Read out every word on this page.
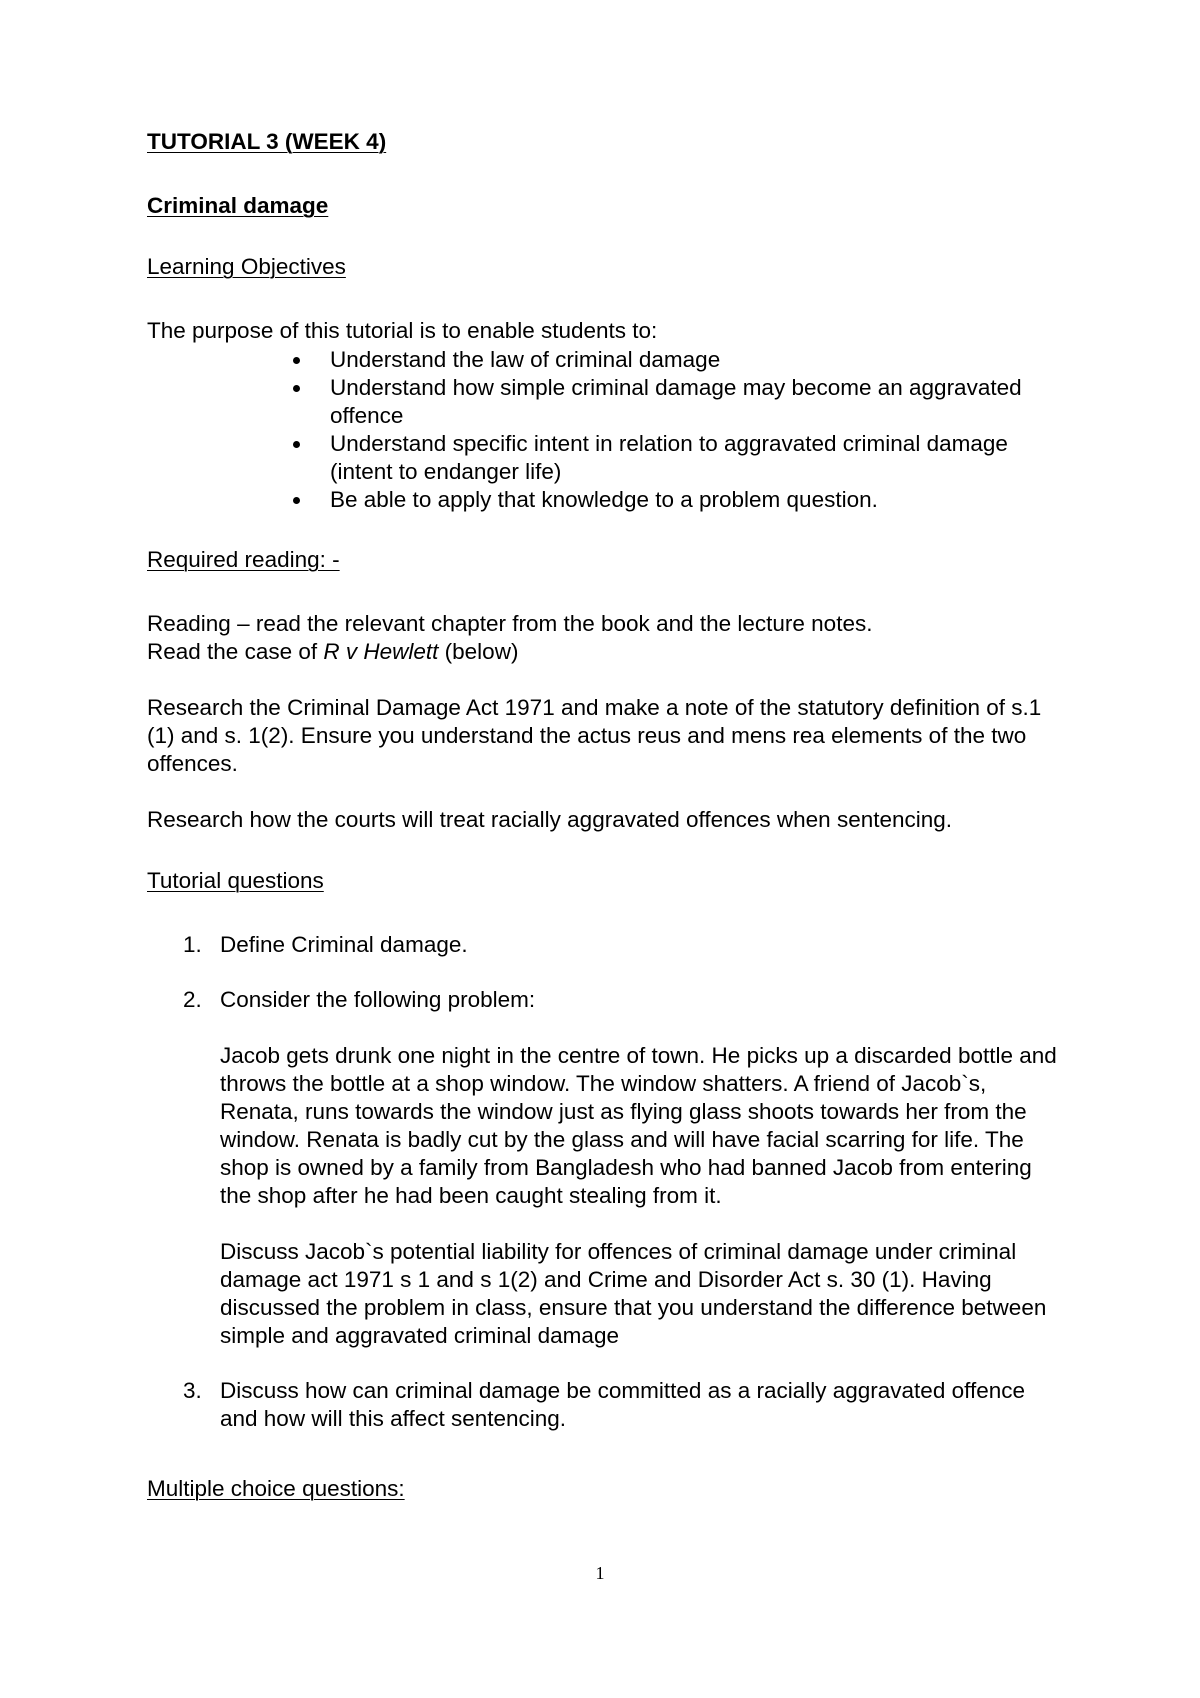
TUTORIAL 3 (WEEK 4)

Criminal damage

Learning Objectives

The purpose of this tutorial is to enable students to:

Understand the law of criminal damage
Understand how simple criminal damage may become an aggravated offence
Understand specific intent in relation to aggravated criminal damage (intent to endanger life)
Be able to apply that knowledge to a problem question.

Required reading: -

Reading – read the relevant chapter from the book and the lecture notes.

Read the case of R v Hewlett (below)

Research the Criminal Damage Act 1971 and make a note of the statutory definition of s.1 (1) and s. 1(2). Ensure you understand the actus reus and mens rea elements of the two offences.

Research how the courts will treat racially aggravated offences when sentencing.

Tutorial questions

1. Define Criminal damage.

2. Consider the following problem:

Jacob gets drunk one night in the centre of town. He picks up a discarded bottle and throws the bottle at a shop window. The window shatters. A friend of Jacob`s, Renata, runs towards the window just as flying glass shoots towards her from the window. Renata is badly cut by the glass and will have facial scarring for life. The shop is owned by a family from Bangladesh who had banned Jacob from entering the shop after he had been caught stealing from it.

Discuss Jacob`s potential liability for offences of criminal damage under criminal damage act 1971 s 1 and s 1(2) and Crime and Disorder Act s. 30 (1). Having discussed the problem in class, ensure that you understand the difference between simple and aggravated criminal damage

3. Discuss how can criminal damage be committed as a racially aggravated offence and how will this affect sentencing.

Multiple choice questions:

1
